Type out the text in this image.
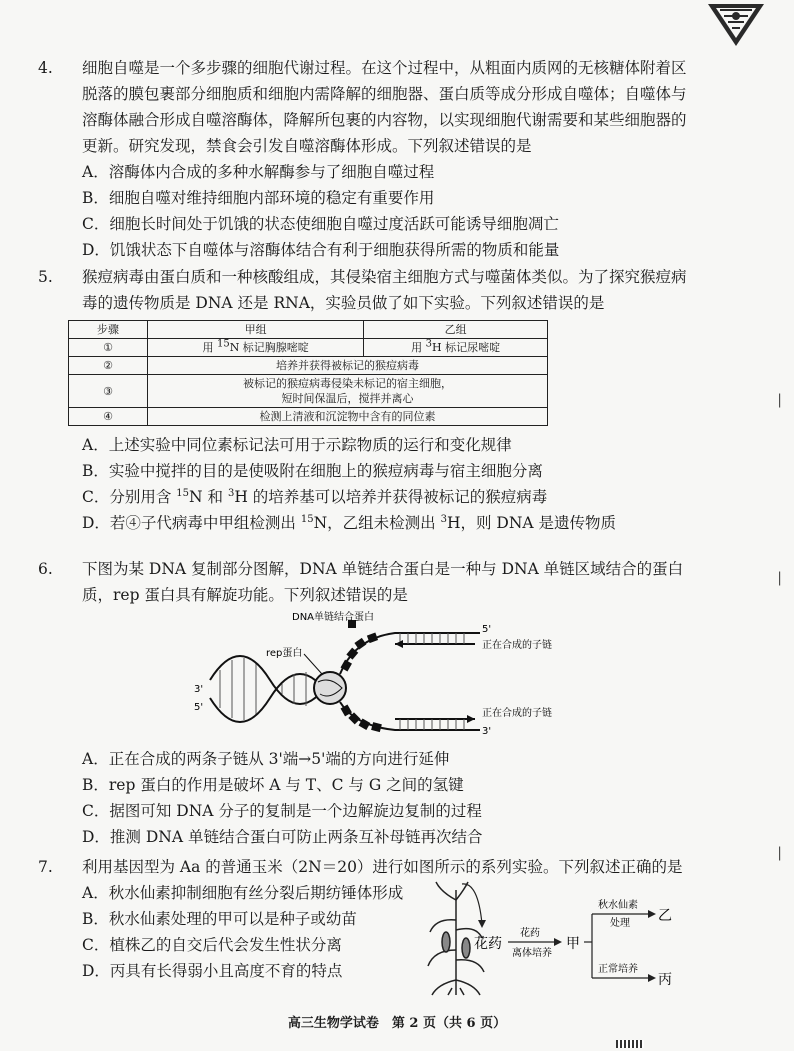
|
|
|
4. 细胞自噬是一个多步骤的细胞代谢过程。在这个过程中，从粗面内质网的无核糖体附着区脱落的膜包裹部分细胞质和细胞内需降解的细胞器、蛋白质等成分形成自噬体；自噬体与溶酶体融合形成自噬溶酶体，降解所包裹的内容物，以实现细胞代谢需要和某些细胞器的更新。研究发现，禁食会引发自噬溶酶体形成。下列叙述错误的是
A．溶酶体内合成的多种水解酶参与了细胞自噬过程
B．细胞自噬对维持细胞内部环境的稳定有重要作用
C．细胞长时间处于饥饿的状态使细胞自噬过度活跃可能诱导细胞凋亡
D．饥饿状态下自噬体与溶酶体结合有利于细胞获得所需的物质和能量
5. 猴痘病毒由蛋白质和一种核酸组成，其侵染宿主细胞方式与噬菌体类似。为了探究猴痘病毒的遗传物质是 DNA 还是 RNA，实验员做了如下实验。下列叙述错误的是
步骤	甲组	乙组
①	用 $^{15}$N 标记胸腺嘧啶	用 $^3$H 标记尿嘧啶
②	培养并获得被标记的猴痘病毒	
③	被标记的猴痘病毒侵染未标记的宿主细胞，
短时间保温后，搅拌并离心	

④	检测上清液和沉淀物中含有的同位素	
A．上述实验中同位素标记法可用于示踪物质的运行和变化规律
B．实验中搅拌的目的是使吸附在细胞上的猴痘病毒与宿主细胞分离
C．分别用含 $^{15}$N 和 $^3$H 的培养基可以培养并获得被标记的猴痘病毒
D．若④子代病毒中甲组检测出 $^{15}$N，乙组未检测出 $^3$H，则 DNA 是遗传物质
6. 下图为某 DNA 复制部分图解，DNA 单链结合蛋白是一种与 DNA 单链区域结合的蛋白质，rep 蛋白具有解旋功能。下列叙述错误的是
DNA单链结合蛋白
rep蛋白
5'
正在合成的子链
正在合成的子链
3'
3'
5'
A．正在合成的两条子链从 3'端→5'端的方向进行延伸
B．rep 蛋白的作用是破坏 A 与 T、C 与 G 之间的氢键
C．据图可知 DNA 分子的复制是一个边解旋边复制的过程
D．推测 DNA 单链结合蛋白可防止两条互补母链再次结合
7. 利用基因型为 Aa 的普通玉米（2N＝20）进行如图所示的系列实验。下列叙述正确的是
A．秋水仙素抑制细胞有丝分裂后期纺锤体形成
B．秋水仙素处理的甲可以是种子或幼苗
C．植株乙的自交后代会发生性状分离
D．丙具有长得弱小且高度不育的特点
花药
花药
离体培养
甲
秋水仙素
处理 乙
正常培养
丙
高三生物学试卷　第 2 页（共 6 页）
